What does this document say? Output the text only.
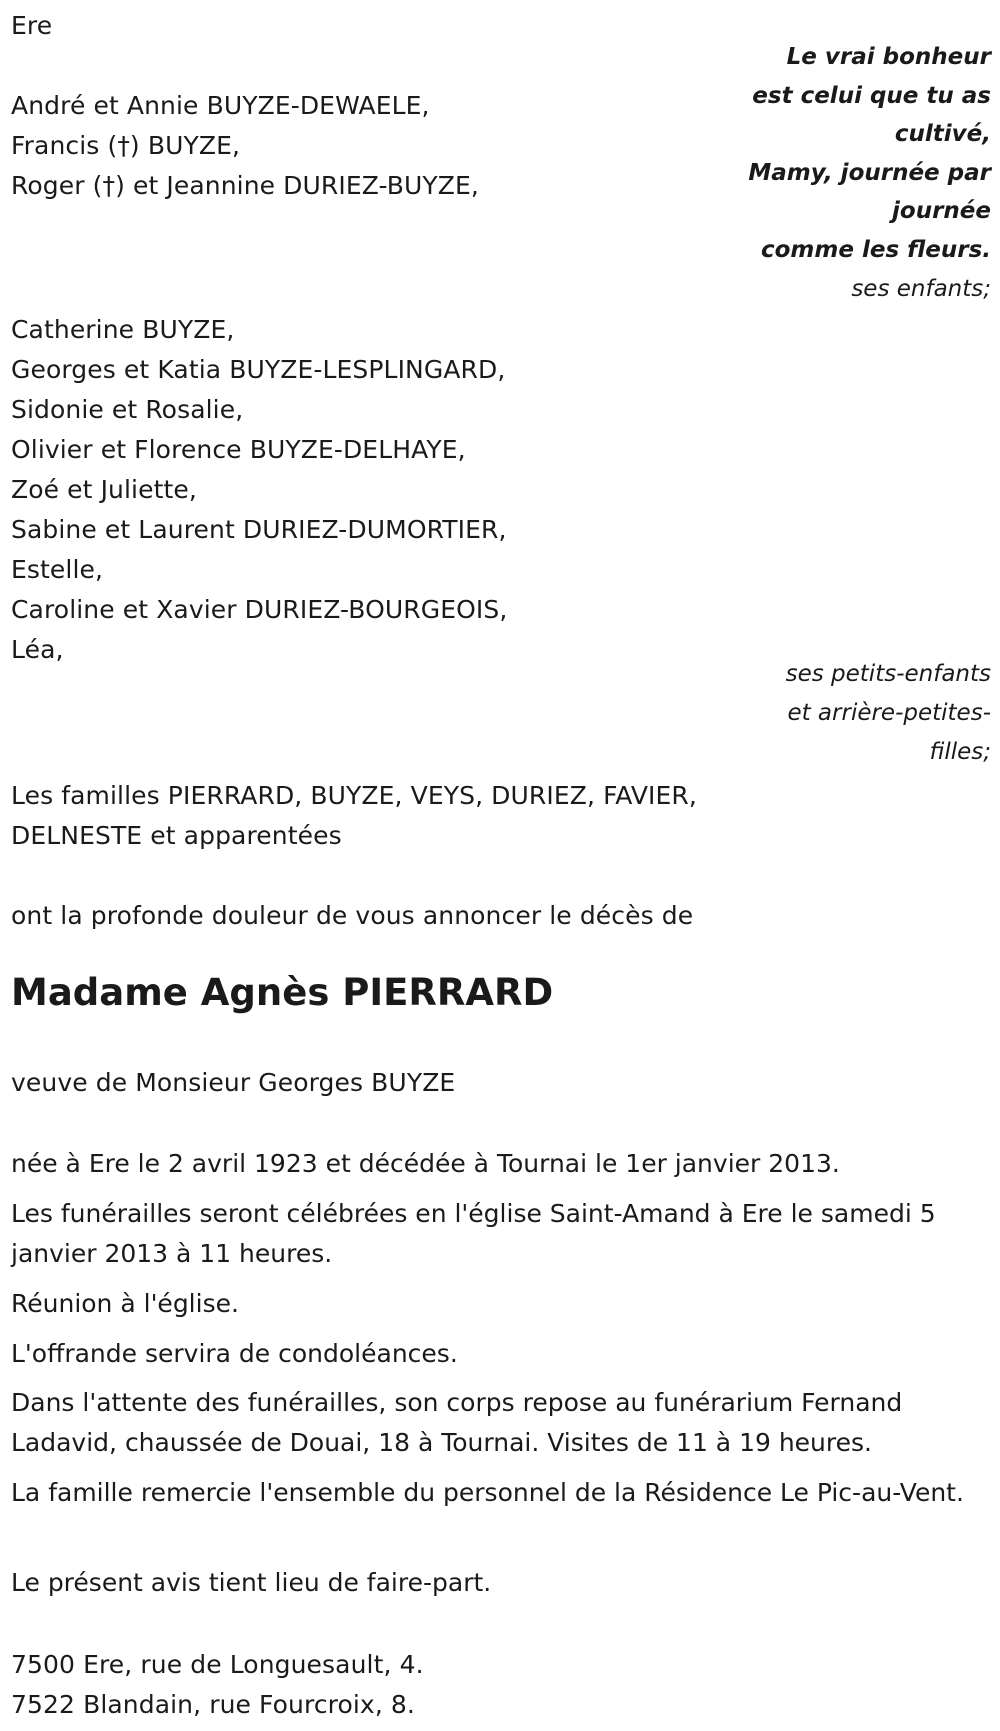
Ere
Le vrai bonheur
est celui que tu as
cultivé,
Mamy, journée par
journée
comme les fleurs.
ses enfants;
André et Annie BUYZE-DEWAELE,
Francis (†) BUYZE,
Roger (†) et Jeannine DURIEZ-BUYZE,
Catherine BUYZE,
Georges et Katia BUYZE-LESPLINGARD,
Sidonie et Rosalie,
Olivier et Florence BUYZE-DELHAYE,
Zoé et Juliette,
Sabine et Laurent DURIEZ-DUMORTIER,
Estelle,
Caroline et Xavier DURIEZ-BOURGEOIS,
Léa,
ses petits-enfants
et arrière-petites-
filles;
Les familles PIERRARD, BUYZE, VEYS, DURIEZ, FAVIER,
DELNESTE et apparentées
ont la profonde douleur de vous annoncer le décès de
Madame Agnès PIERRARD
veuve de Monsieur Georges BUYZE
née à Ere le 2 avril 1923 et décédée à Tournai le 1er janvier 2013.
Les funérailles seront célébrées en l'église Saint-Amand à Ere le samedi 5 janvier 2013 à 11 heures.
Réunion à l'église.
L'offrande servira de condoléances.
Dans l'attente des funérailles, son corps repose au funérarium Fernand Ladavid, chaussée de Douai, 18 à Tournai. Visites de 11 à 19 heures.
La famille remercie l'ensemble du personnel de la Résidence Le Pic-au-Vent.
Le présent avis tient lieu de faire-part.
7500 Ere, rue de Longuesault, 4.
7522 Blandain, rue Fourcroix, 8.
